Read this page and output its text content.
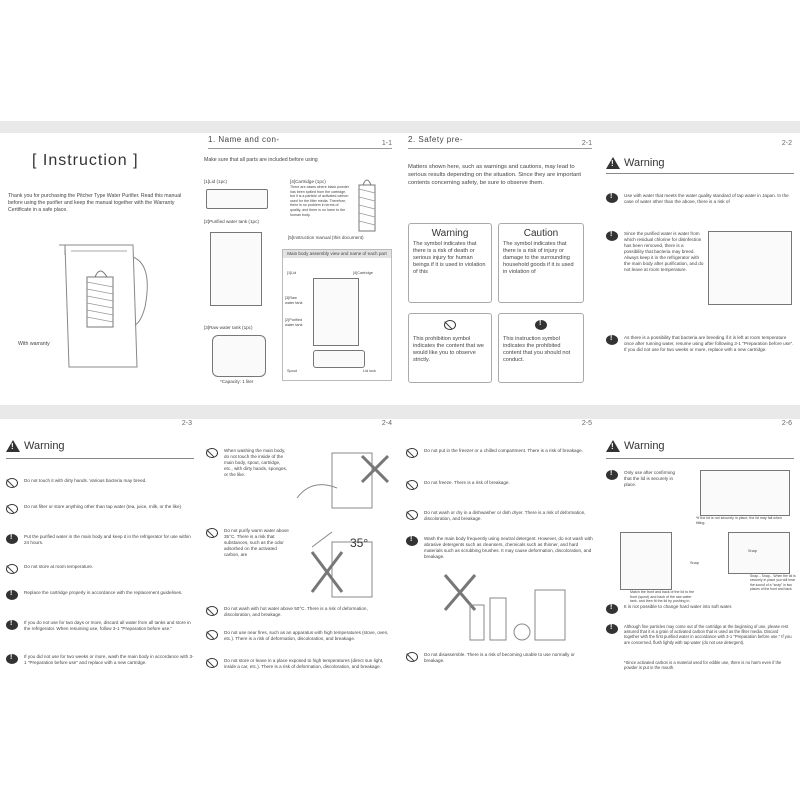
[ Instruction ]
Thank you for purchasing the Pitcher Type Water Purifier. Read this manual before using the purifier and keep the manual together with the Warranty Certificate in a safe place.
With warranty
1. Name and con-	1-1
Make sure that all parts are included before using
[1]Lid (1pc)	[4]Cartridge (1pc)
There are cases where black powder has been spilled from the cartridge, but it is a particle of activated carbon used for the filter media. Therefore, there is no problem in terms of quality, and there is no harm to the human body.
[2]Purified water tank (1pc)
[5]Instruction manual (this document)
Main body assembly view and name of each part
[1]Lid	[4]Cartridge
[3]Raw water tank
[2]Purified water tank
Spout	Lid lock
[3]Raw water tank (1pc)
*Capacity: 1 liter
2. Safety pre-	2-1
Matters shown here, such as warnings and cautions, may lead to serious results depending on the situation. Since they are important contents concerning safety, be sure to observe them.
Warning
The symbol indicates that there is a risk of death or serious injury for human beings if it is used in violation of this
Caution
The symbol indicates that there is a risk of injury or damage to the surrounding household goods if it is used in violation of
This prohibition symbol indicates the content that we would like you to observe strictly.
!
This instruction symbol indicates the prohibited content that you should not conduct.
2-2
!
Warning
!
Use with water that meets the water quality standard of tap water in Japan. In the case of water other than the above, there is a risk of
!
Since the purified water is water from which residual chlorine for disinfection has been removed, there is a possibility that bacteria may breed. Always keep it in the refrigerator with the main body after purification, and do not leave at room temperature.
!
As there is a possibility that bacteria are breeding if it is left at room temperature once after running water, resume using after following 3-1 "Preparation before use". If you did not use for two weeks or more, replace with a new cartridge.
2-3
!
Warning
Do not touch it with dirty hands. Various bacteria may breed.
Do not filter or store anything other than tap water (tea, juice, milk, or the like)
!
Put the purified water in the main body and keep it in the refrigerator for use within 24 hours.
Do not store at room temperature.
!
Replace the cartridge properly in accordance with the replacement guidelines.
!
If you do not use for two days or more, discard all water from all tanks and store in the refrigerator. When resuming use, follow 3-1 "Preparation before use."
!
If you did not use for two weeks or more, wash the main body in accordance with 3-1 "Preparation before use" and replace with a new cartridge.
2-4
When washing the main body, do not touch the inside of the main body, spout, cartridge, etc., with dirty hands, sponges, or the like.
Do not purify warm water above 35°C. There is a risk that substances, such as the odor adsorbed on the activated carbon, are
35°
Do not wash with hot water above 50°C. There is a risk of deformation, discoloration, and breakage.
Do not use near fires, such as an apparatus with high temperatures (stove, oven, etc.). There is a risk of deformation, discoloration, and breakage.
Do not store or leave in a place exposed to high temperatures (direct sun light, inside a car, etc.). There is a risk of deformation, discoloration, and breakage.
2-5
Do not put in the freezer or a chilled compartment. There is a risk of breakage.
Do not freeze. There is a risk of breakage.
Do not wash or dry in a dishwasher or dish dryer. There is a risk of deformation, discoloration, and breakage.
!
Wash the main body frequently using neutral detergent. However, do not wash with abrasive detergents such as cleansers, chemicals such as thinner, and hard materials such as scrubbing brushes. It may cause deformation, discoloration, and breakage.
Do not disassemble. There is a risk of becoming unable to use normally or breakage.
2-6
!
Warning
!
Only use after confirming that the lid is securely in place.
*If the lid is not securely in place, the lid may fall when tilting.
Snap
Snap
Match the front and back of the lid to the front (spout) and back of the raw water tank, and then fit the lid by pushing in.
Snap... Snap... When the lid is securely in place you will hear the sound of a "snap" in two places of the front and back
!
It is not possible to change hard water into soft water.
!
Although fine particles may come out of the cartridge at the beginning of use, please rest assured that it is a grain of activated carbon that is used as the filter media. Discard together with the first purified water in accordance with 3-1 "Preparation before use." If you are concerned, flush lightly with tap water (do not use detergent).
*Since activated carbon is a material used for edible use, there is no harm even if the powder is put in the mouth.
